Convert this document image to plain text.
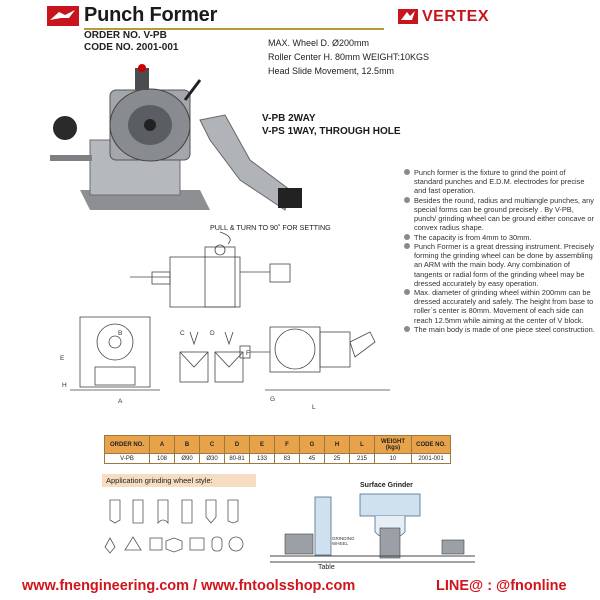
Punch Former	VERTEX
ORDER NO. V-PB
CODE NO. 2001-001	MAX. Wheel D. Ø200mm
Roller Center H. 80mm WEIGHT:10KGS
Head Slide Movement, 12.5mm
V-PB 2WAY
V-PS 1WAY, THROUGH HOLE
PULL & TURN TO 90˚ FOR SETTING
A
B	C	D
E
F
G
H
L
Punch former is the fixture to grind the point of standard punches and E.D.M. electrodes for precise and fast operation.
Besides the round, radius and multiangle punches, any special forms can be ground precisely . By V-PB, punch/ grinding wheel can be ground either concave or convex radius shape.
The capacity is from 4mm to 30mm.
Punch Former is a great dressing instrument. Precisely forming the grinding wheel can be done by assembling an ARM with the main body. Any combination of tangents or radial form of the grinding wheel may be dressed accurately by easy operation.
Max. diameter of grinding wheel within 200mm can be dressed accurately and safely. The height from base to roller`s center is 80mm. Movement of each side can reach 12.5mm while aiming at the center of V block.
The main body is made of one piece steel construction.
ORDER NO.	A	B	C	D	E	F	G	H	L	WEIGHT (kgs)	CODE NO.
V-PB	108	Ø90	Ø30	80-81	133	83	45	25	215	10	2001-001
Application grinding wheel style:
Surface Grinder
GRINDING WHEEL
Table
www.fnengineering.com / www.fntoolsshop.com	LINE@ : @fnonline
